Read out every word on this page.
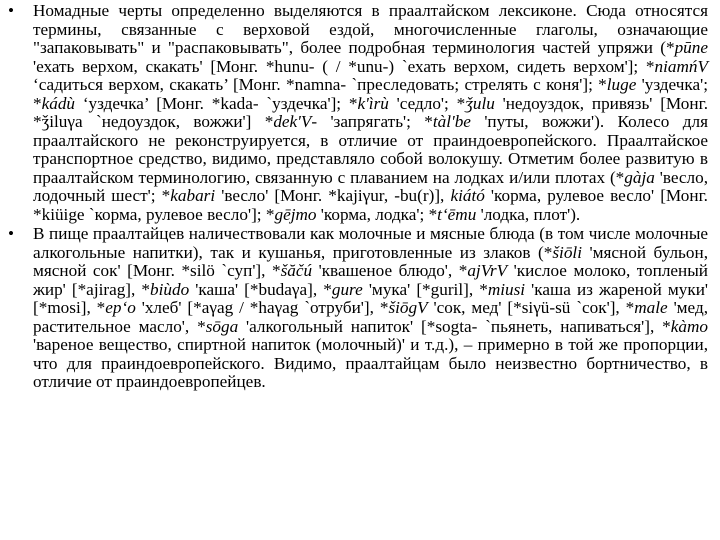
•	Номадные черты определенно выделяются в праалтайском лексиконе. Сюда относятся термины, связанные с верховой ездой, многочисленные глаголы, означающие "запаковывать" и "распаковывать", более подробная терминология частей упряжи (*pūne 'ехать верхом, скакать' [Монг. *hunu- ( / *unu-) `ехать верхом, сидеть верхом']; *niamńV ‘садиться верхом, скакать’ [Монг. *namna- `преследовать; стрелять с коня']; *luge 'уздечка'; *kádù ‘уздечка’ [Монг. *kada- `уздечка']; *k'ìrù 'седло'; *ǯulu 'недоуздок, привязь' [Монг. *ǯiluγa `недоуздок, вожжи'] *dek'V- 'запрягать'; *tàl'be 'путы, вожжи'). Колесо для праалтайского не реконструируется, в отличие от праиндоевропейского. Праалтайское транспортное средство, видимо, представляло собой волокушу. Отметим более развитую в праалтайском терминологию, связанную с плаванием на лодках и/или плотах (*gàja 'весло, лодочный шест'; *kabari 'весло' [Монг. *kajiγur, -bu(r)], kiátó 'корма, рулевое весло' [Монг. *kiüige `корма, рулевое весло']; *gējmo 'корма, лодка'; *t‘ēmu 'лодка, плот').
•	В пище праалтайцев наличествовали как молочные и мясные блюда (в том числе молочные алкогольные напитки), так и кушанья, приготовленные из злаков (*šiōli 'мясной бульон, мясной сок' [Монг. *silö `суп'], *šăčú 'квашеное блюдо', *ajVrV 'кислое молоко, топленый жир' [*ajirag], *biùdo 'каша' [*budaγa], *gure 'мука' [*guril], *miusi 'каша из жареной муки' [*mosi], *ep‘o 'хлеб' [*aγag / *haγag `отруби'], *šiōgV 'сок, мед' [*siγü-sü `сок'], *male 'мед, растительное масло', *sōga 'алкогольный напиток' [*sogta- `пьянеть, напиваться'], *kàmo 'вареное вещество, спиртной напиток (молочный)' и т.д.), – примерно в той же пропорции, что для праиндоевропейского. Видимо, праалтайцам было неизвестно бортничество, в отличие от праиндоевропейцев.
